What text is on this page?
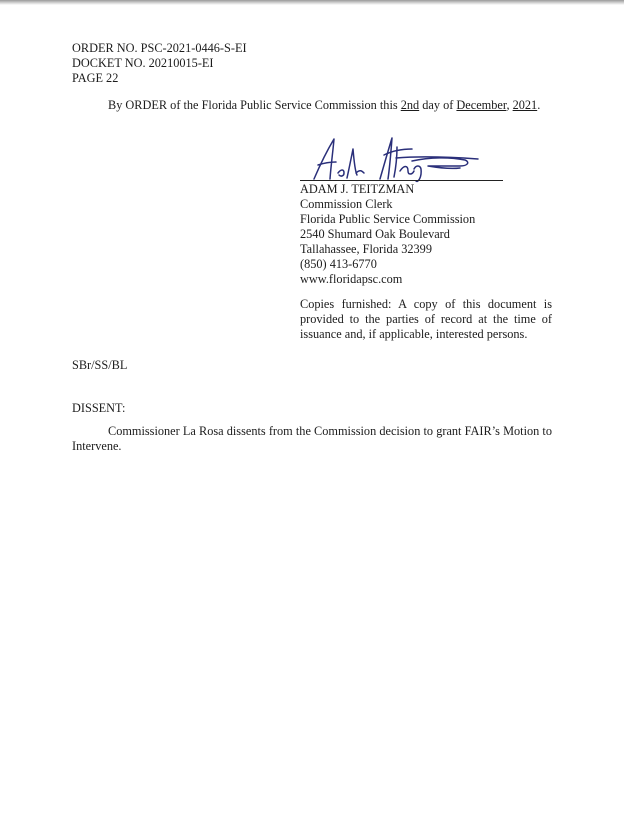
ORDER NO. PSC-2021-0446-S-EI
DOCKET NO. 20210015-EI
PAGE 22
By ORDER of the Florida Public Service Commission this 2nd day of December, 2021.
ADAM J. TEITZMAN
Commission Clerk
Florida Public Service Commission
2540 Shumard Oak Boulevard
Tallahassee, Florida 32399
(850) 413-6770
www.floridapsc.com
Copies furnished: A copy of this document is provided to the parties of record at the time of issuance and, if applicable, interested persons.
SBr/SS/BL
DISSENT:

Commissioner La Rosa dissents from the Commission decision to grant FAIR’s Motion to Intervene.
